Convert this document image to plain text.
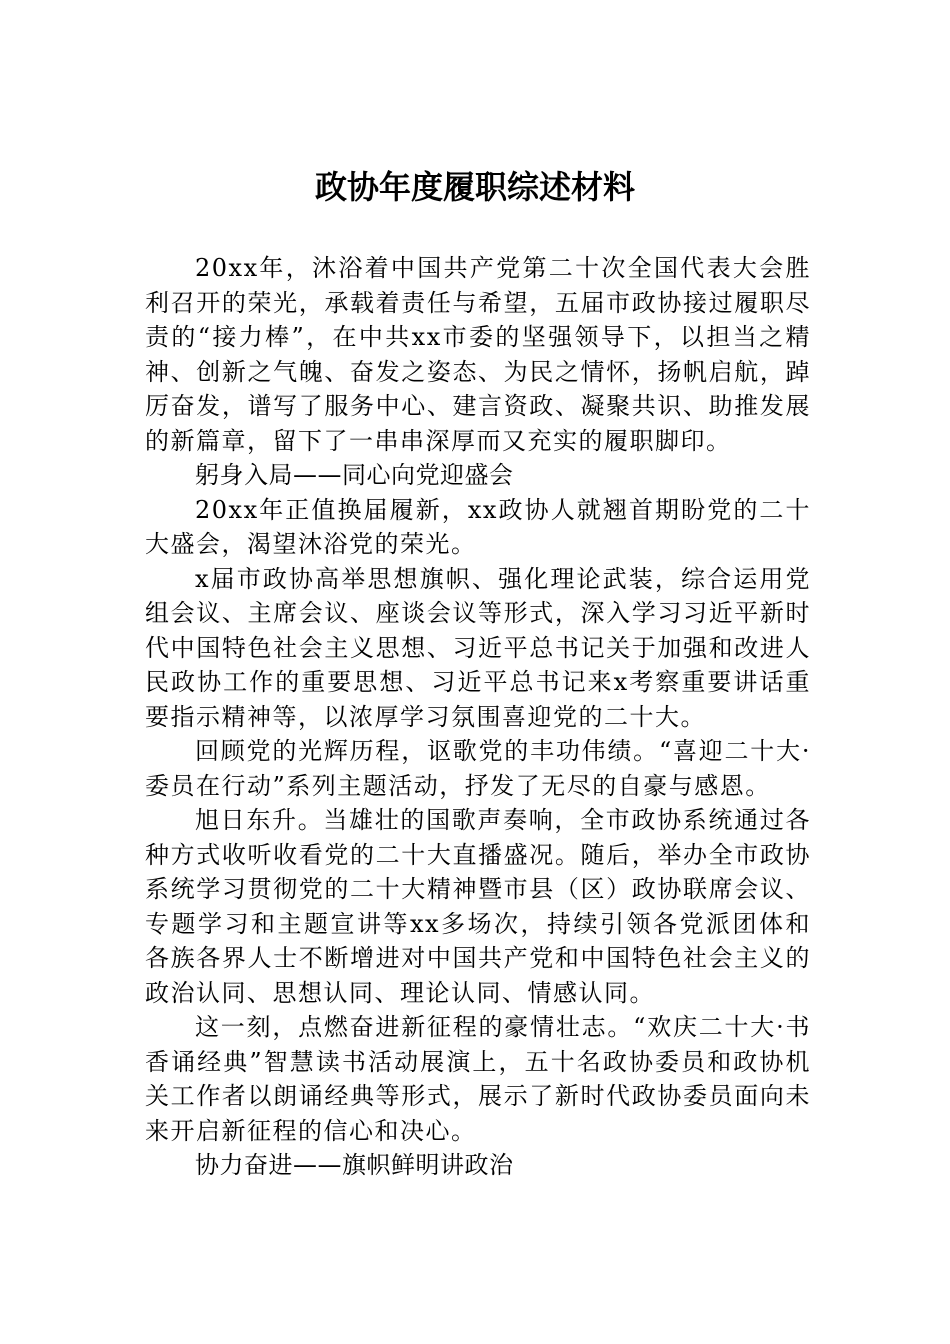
政协年度履职综述材料

20xx年，沐浴着中国共产党第二十次全国代表大会胜利召开的荣光，承载着责任与希望，五届市政协接过履职尽责的“接力棒”，在中共xx市委的坚强领导下，以担当之精神、创新之气魄、奋发之姿态、为民之情怀，扬帆启航，踔厉奋发，谱写了服务中心、建言资政、凝聚共识、助推发展的新篇章，留下了一串串深厚而又充实的履职脚印。

躬身入局——同心向党迎盛会

20xx年正值换届履新，xx政协人就翘首期盼党的二十大盛会，渴望沐浴党的荣光。

x届市政协高举思想旗帜、强化理论武装，综合运用党组会议、主席会议、座谈会议等形式，深入学习习近平新时代中国特色社会主义思想、习近平总书记关于加强和改进人民政协工作的重要思想、习近平总书记来x考察重要讲话重要指示精神等，以浓厚学习氛围喜迎党的二十大。

回顾党的光辉历程，讴歌党的丰功伟绩。“喜迎二十大·委员在行动”系列主题活动，抒发了无尽的自豪与感恩。

旭日东升。当雄壮的国歌声奏响，全市政协系统通过各种方式收听收看党的二十大直播盛况。随后，举办全市政协系统学习贯彻党的二十大精神暨市县（区）政协联席会议、专题学习和主题宣讲等xx多场次，持续引领各党派团体和各族各界人士不断增进对中国共产党和中国特色社会主义的政治认同、思想认同、理论认同、情感认同。

这一刻，点燃奋进新征程的豪情壮志。“欢庆二十大·书香诵经典”智慧读书活动展演上，五十名政协委员和政协机关工作者以朗诵经典等形式，展示了新时代政协委员面向未来开启新征程的信心和决心。

协力奋进——旗帜鲜明讲政治
